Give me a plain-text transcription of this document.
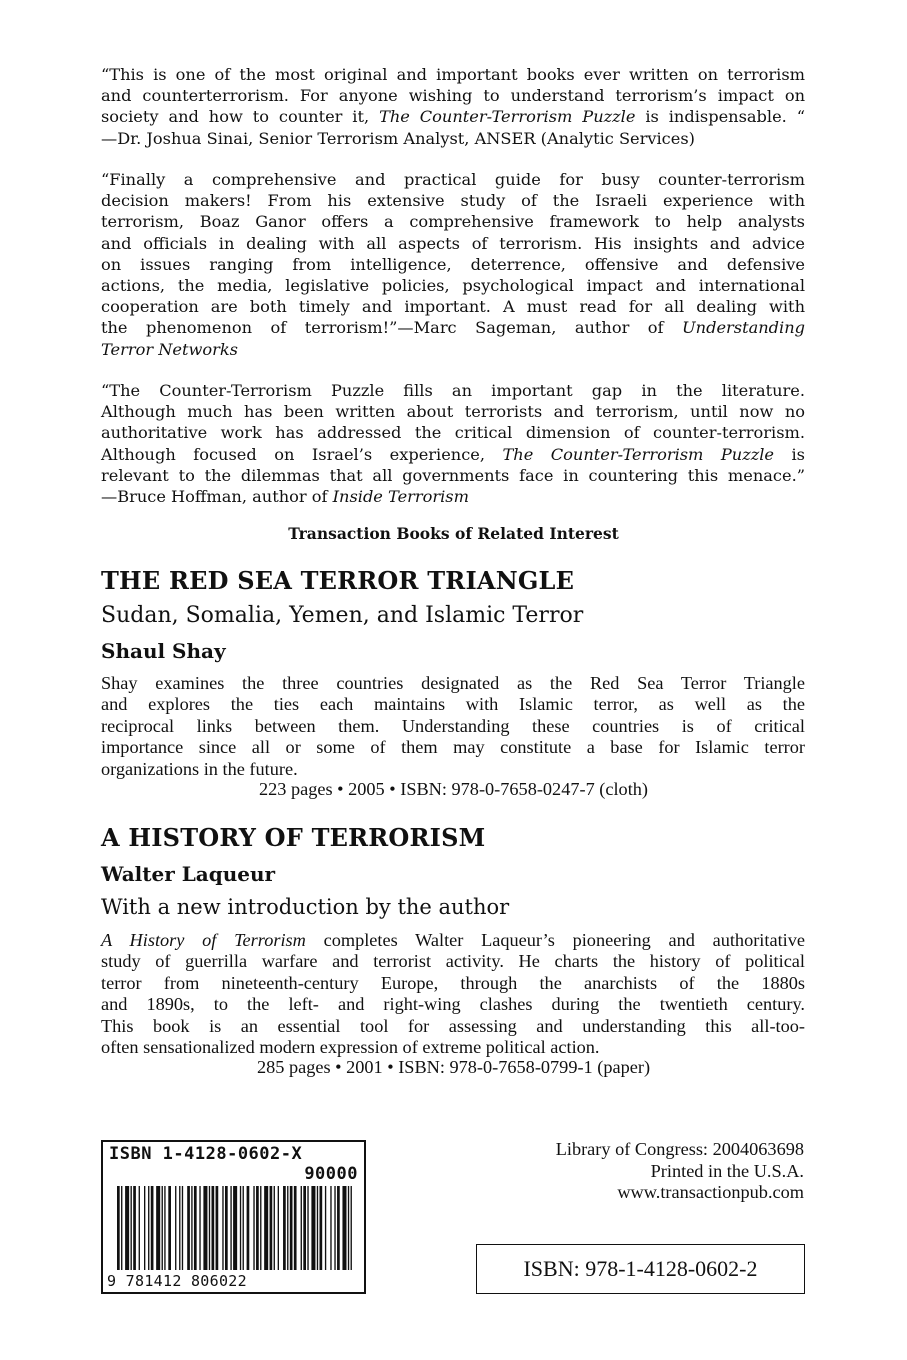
“This is one of the most original and important books ever written on terrorism
and counterterrorism. For anyone wishing to understand terrorism’s impact on
society and how to counter it, The Counter-Terrorism Puzzle is indispensable. “
—Dr. Joshua Sinai, Senior Terrorism Analyst, ANSER (Analytic Services)
“Finally a comprehensive and practical guide for busy counter-terrorism
decision makers! From his extensive study of the Israeli experience with
terrorism, Boaz Ganor offers a comprehensive framework to help analysts
and officials in dealing with all aspects of terrorism. His insights and advice
on issues ranging from intelligence, deterrence, offensive and defensive
actions, the media, legislative policies, psychological impact and international
cooperation are both timely and important. A must read for all dealing with
the phenomenon of terrorism!”—Marc Sageman, author of Understanding
Terror Networks
“The Counter-Terrorism Puzzle fills an important gap in the literature.
Although much has been written about terrorists and terrorism, until now no
authoritative work has addressed the critical dimension of counter-terrorism.
Although focused on Israel’s experience, The Counter-Terrorism Puzzle is
relevant to the dilemmas that all governments face in countering this menace.”
—Bruce Hoffman, author of Inside Terrorism
Transaction Books of Related Interest
THE RED SEA TERROR TRIANGLE
Sudan, Somalia, Yemen, and Islamic Terror
Shaul Shay
Shay examines the three countries designated as the Red Sea Terror Triangle
and explores the ties each maintains with Islamic terror, as well as the
reciprocal links between them. Understanding these countries is of critical
importance since all or some of them may constitute a base for Islamic terror
organizations in the future.
223 pages • 2005 • ISBN: 978-0-7658-0247-7 (cloth)
A HISTORY OF TERRORISM
Walter Laqueur
With a new introduction by the author
A History of Terrorism completes Walter Laqueur’s pioneering and authoritative
study of guerrilla warfare and terrorist activity. He charts the history of political
terror from nineteenth-century Europe, through the anarchists of the 1880s
and 1890s, to the left- and right-wing clashes during the twentieth century.
This book is an essential tool for assessing and understanding this all-too-
often sensationalized modern expression of extreme political action.
285 pages • 2001 • ISBN: 978-0-7658-0799-1 (paper)
ISBN 1-4128-0602-X
90000
9 781412 806022
Library of Congress: 2004063698
Printed in the U.S.A.
www.transactionpub.com
ISBN: 978-1-4128-0602-2
